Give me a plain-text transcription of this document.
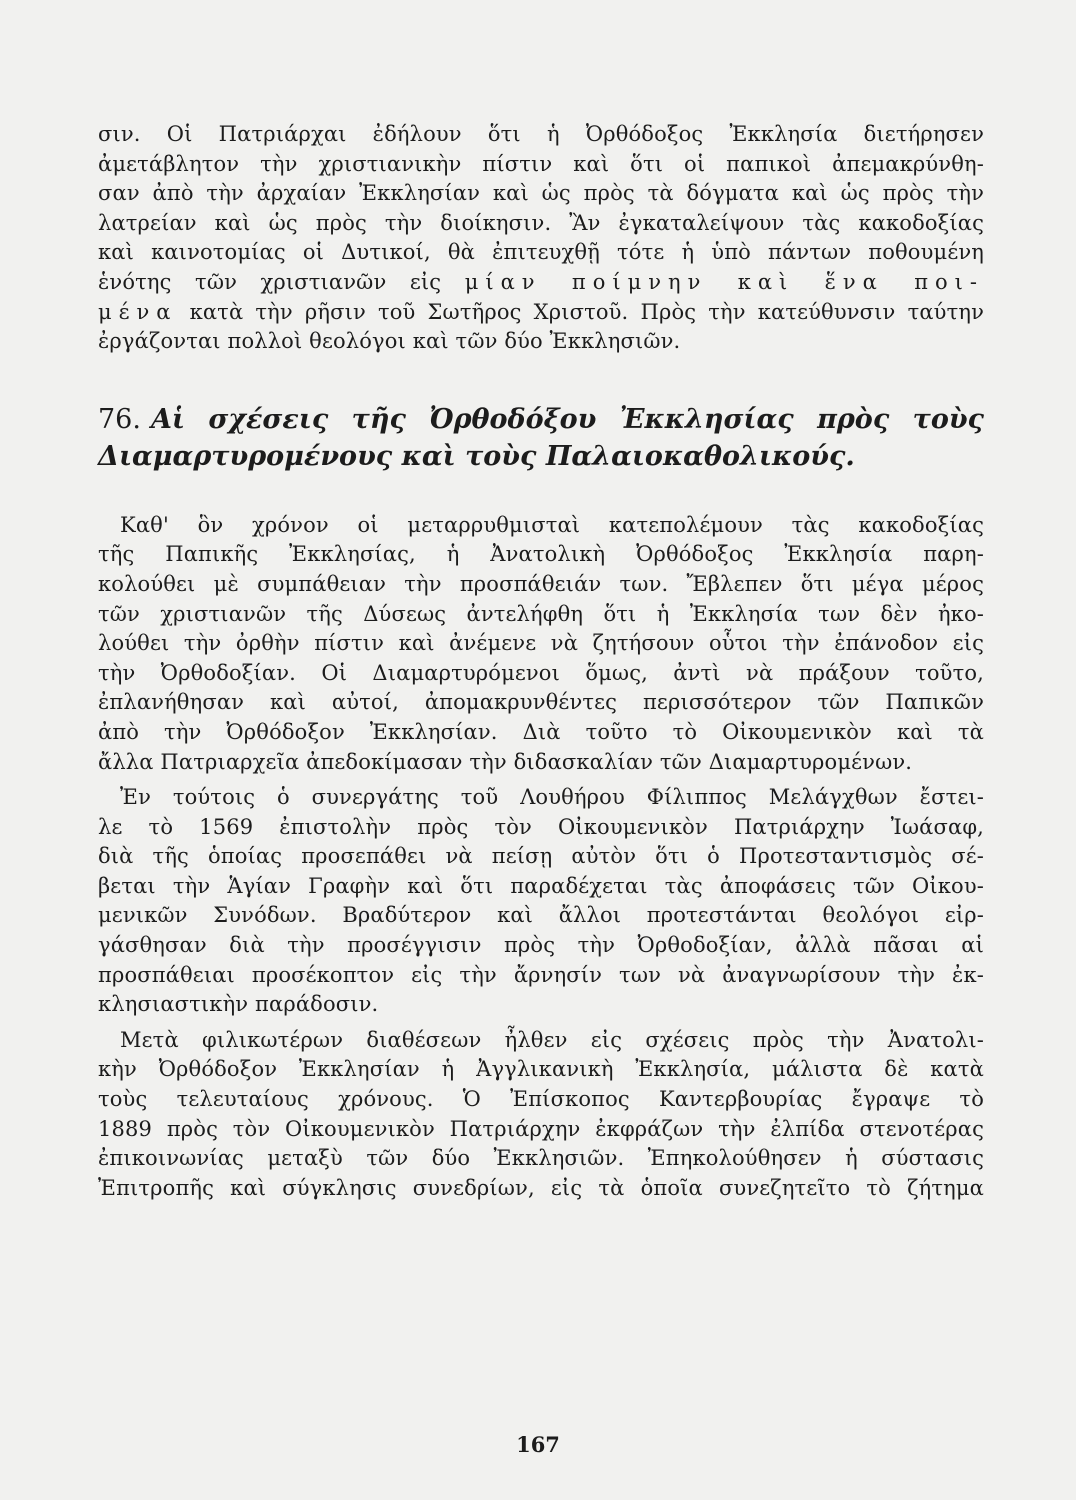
σιν. Οἱ Πατριάρχαι ἐδήλουν ὅτι ἡ Ὀρθόδοξος Ἐκκλησία διετήρησεν
ἀμετάβλητον τὴν χριστιανικὴν πίστιν καὶ ὅτι οἱ παπικοὶ ἀπεμακρύνθη-
σαν ἀπὸ τὴν ἀρχαίαν Ἐκκλησίαν καὶ ὡς πρὸς τὰ δόγματα καὶ ὡς πρὸς τὴν
λατρείαν καὶ ὡς πρὸς τὴν διοίκησιν. Ἂν ἐγκαταλείψουν τὰς κακοδοξίας
καὶ καινοτομίας οἱ Δυτικοί, θὰ ἐπιτευχθῇ τότε ἡ ὑπὸ πάντων ποθουμένη
ἑνότης τῶν χριστιανῶν εἰς μίαν ποίμνην καὶ ἕνα ποι-
μένα κατὰ τὴν ρῆσιν τοῦ Σωτῆρος Χριστοῦ. Πρὸς τὴν κατεύθυνσιν ταύτην
ἐργάζονται πολλοὶ θεολόγοι καὶ τῶν δύο Ἐκκλησιῶν.
76. Αἱ σχέσεις τῆς Ὀρθοδόξου Ἐκκλησίας πρὸς τοὺς
Διαμαρτυρομένους καὶ τοὺς Παλαιοκαθολικούς.
Καθ' ὃν χρόνον οἱ μεταρρυθμισταὶ κατεπολέμουν τὰς κακοδοξίας
τῆς Παπικῆς Ἐκκλησίας, ἡ Ἀνατολικὴ Ὀρθόδοξος Ἐκκλησία παρη-
κολούθει μὲ συμπάθειαν τὴν προσπάθειάν των. Ἔβλεπεν ὅτι μέγα μέρος
τῶν χριστιανῶν τῆς Δύσεως ἀντελήφθη ὅτι ἡ Ἐκκλησία των δὲν ἠκο-
λούθει τὴν ὀρθὴν πίστιν καὶ ἀνέμενε νὰ ζητήσουν οὗτοι τὴν ἐπάνοδον εἰς
τὴν Ὀρθοδοξίαν. Οἱ Διαμαρτυρόμενοι ὅμως, ἀντὶ νὰ πράξουν τοῦτο,
ἐπλανήθησαν καὶ αὐτοί, ἀπομακρυνθέντες περισσότερον τῶν Παπικῶν
ἀπὸ τὴν Ὀρθόδοξον Ἐκκλησίαν. Διὰ τοῦτο τὸ Οἰκουμενικὸν καὶ τὰ
ἄλλα Πατριαρχεῖα ἀπεδοκίμασαν τὴν διδασκαλίαν τῶν Διαμαρτυρομένων.
Ἐν τούτοις ὁ συνεργάτης τοῦ Λουθήρου Φίλιππος Μελάγχθων ἔστει-
λε τὸ 1569 ἐπιστολὴν πρὸς τὸν Οἰκουμενικὸν Πατριάρχην Ἰωάσαφ,
διὰ τῆς ὁποίας προσεπάθει νὰ πείσῃ αὐτὸν ὅτι ὁ Προτεσταντισμὸς σέ-
βεται τὴν Ἁγίαν Γραφὴν καὶ ὅτι παραδέχεται τὰς ἀποφάσεις τῶν Οἰκου-
μενικῶν Συνόδων. Βραδύτερον καὶ ἄλλοι προτεστάνται θεολόγοι εἰρ-
γάσθησαν διὰ τὴν προσέγγισιν πρὸς τὴν Ὀρθοδοξίαν, ἀλλὰ πᾶσαι αἱ
προσπάθειαι προσέκοπτον εἰς τὴν ἄρνησίν των νὰ ἀναγνωρίσουν τὴν ἐκ-
κλησιαστικὴν παράδοσιν.
Μετὰ φιλικωτέρων διαθέσεων ἦλθεν εἰς σχέσεις πρὸς τὴν Ἀνατολι-
κὴν Ὀρθόδοξον Ἐκκλησίαν ἡ Ἀγγλικανικὴ Ἐκκλησία, μάλιστα δὲ κατὰ
τοὺς τελευταίους χρόνους. Ὁ Ἐπίσκοπος Καντερβουρίας ἔγραψε τὸ
1889 πρὸς τὸν Οἰκουμενικὸν Πατριάρχην ἐκφράζων τὴν ἐλπίδα στενοτέρας
ἐπικοινωνίας μεταξὺ τῶν δύο Ἐκκλησιῶν. Ἐπηκολούθησεν ἡ σύστασις
Ἐπιτροπῆς καὶ σύγκλησις συνεδρίων, εἰς τὰ ὁποῖα συνεζητεῖτο τὸ ζήτημα
167
